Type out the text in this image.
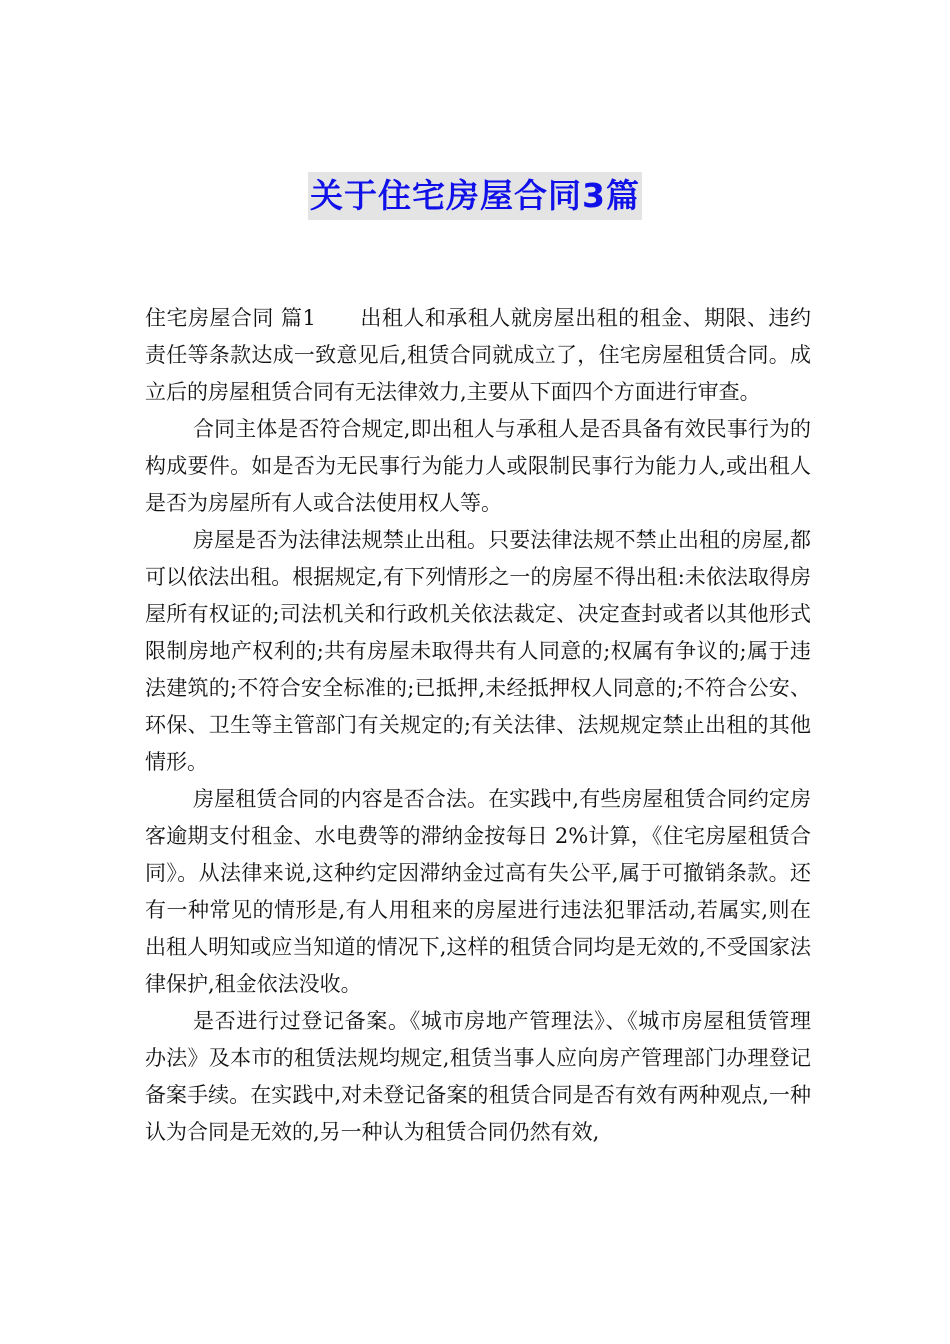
关于住宅房屋合同3篇

住宅房屋合同 篇1 出租人和承租人就房屋出租的租金、期限、违约责任等条款达成一致意见后,租赁合同就成立了，住宅房屋租赁合同。成立后的房屋租赁合同有无法律效力,主要从下面四个方面进行审查。

合同主体是否符合规定,即出租人与承租人是否具备有效民事行为的构成要件。如是否为无民事行为能力人或限制民事行为能力人,或出租人是否为房屋所有人或合法使用权人等。

房屋是否为法律法规禁止出租。只要法律法规不禁止出租的房屋,都可以依法出租。根据规定,有下列情形之一的房屋不得出租:未依法取得房屋所有权证的;司法机关和行政机关依法裁定、决定查封或者以其他形式限制房地产权利的;共有房屋未取得共有人同意的;权属有争议的;属于违法建筑的;不符合安全标准的;已抵押,未经抵押权人同意的;不符合公安、环保、卫生等主管部门有关规定的;有关法律、法规规定禁止出租的其他情形。

房屋租赁合同的内容是否合法。在实践中,有些房屋租赁合同约定房客逾期支付租金、水电费等的滞纳金按每日 2%计算，《住宅房屋租赁合同》。从法律来说,这种约定因滞纳金过高有失公平,属于可撤销条款。还有一种常见的情形是,有人用租来的房屋进行违法犯罪活动,若属实,则在出租人明知或应当知道的情况下,这样的租赁合同均是无效的,不受国家法律保护,租金依法没收。

是否进行过登记备案。《城市房地产管理法》、《城市房屋租赁管理办法》及本市的租赁法规均规定,租赁当事人应向房产管理部门办理登记备案手续。在实践中,对未登记备案的租赁合同是否有效有两种观点,一种认为合同是无效的,另一种认为租赁合同仍然有效,
